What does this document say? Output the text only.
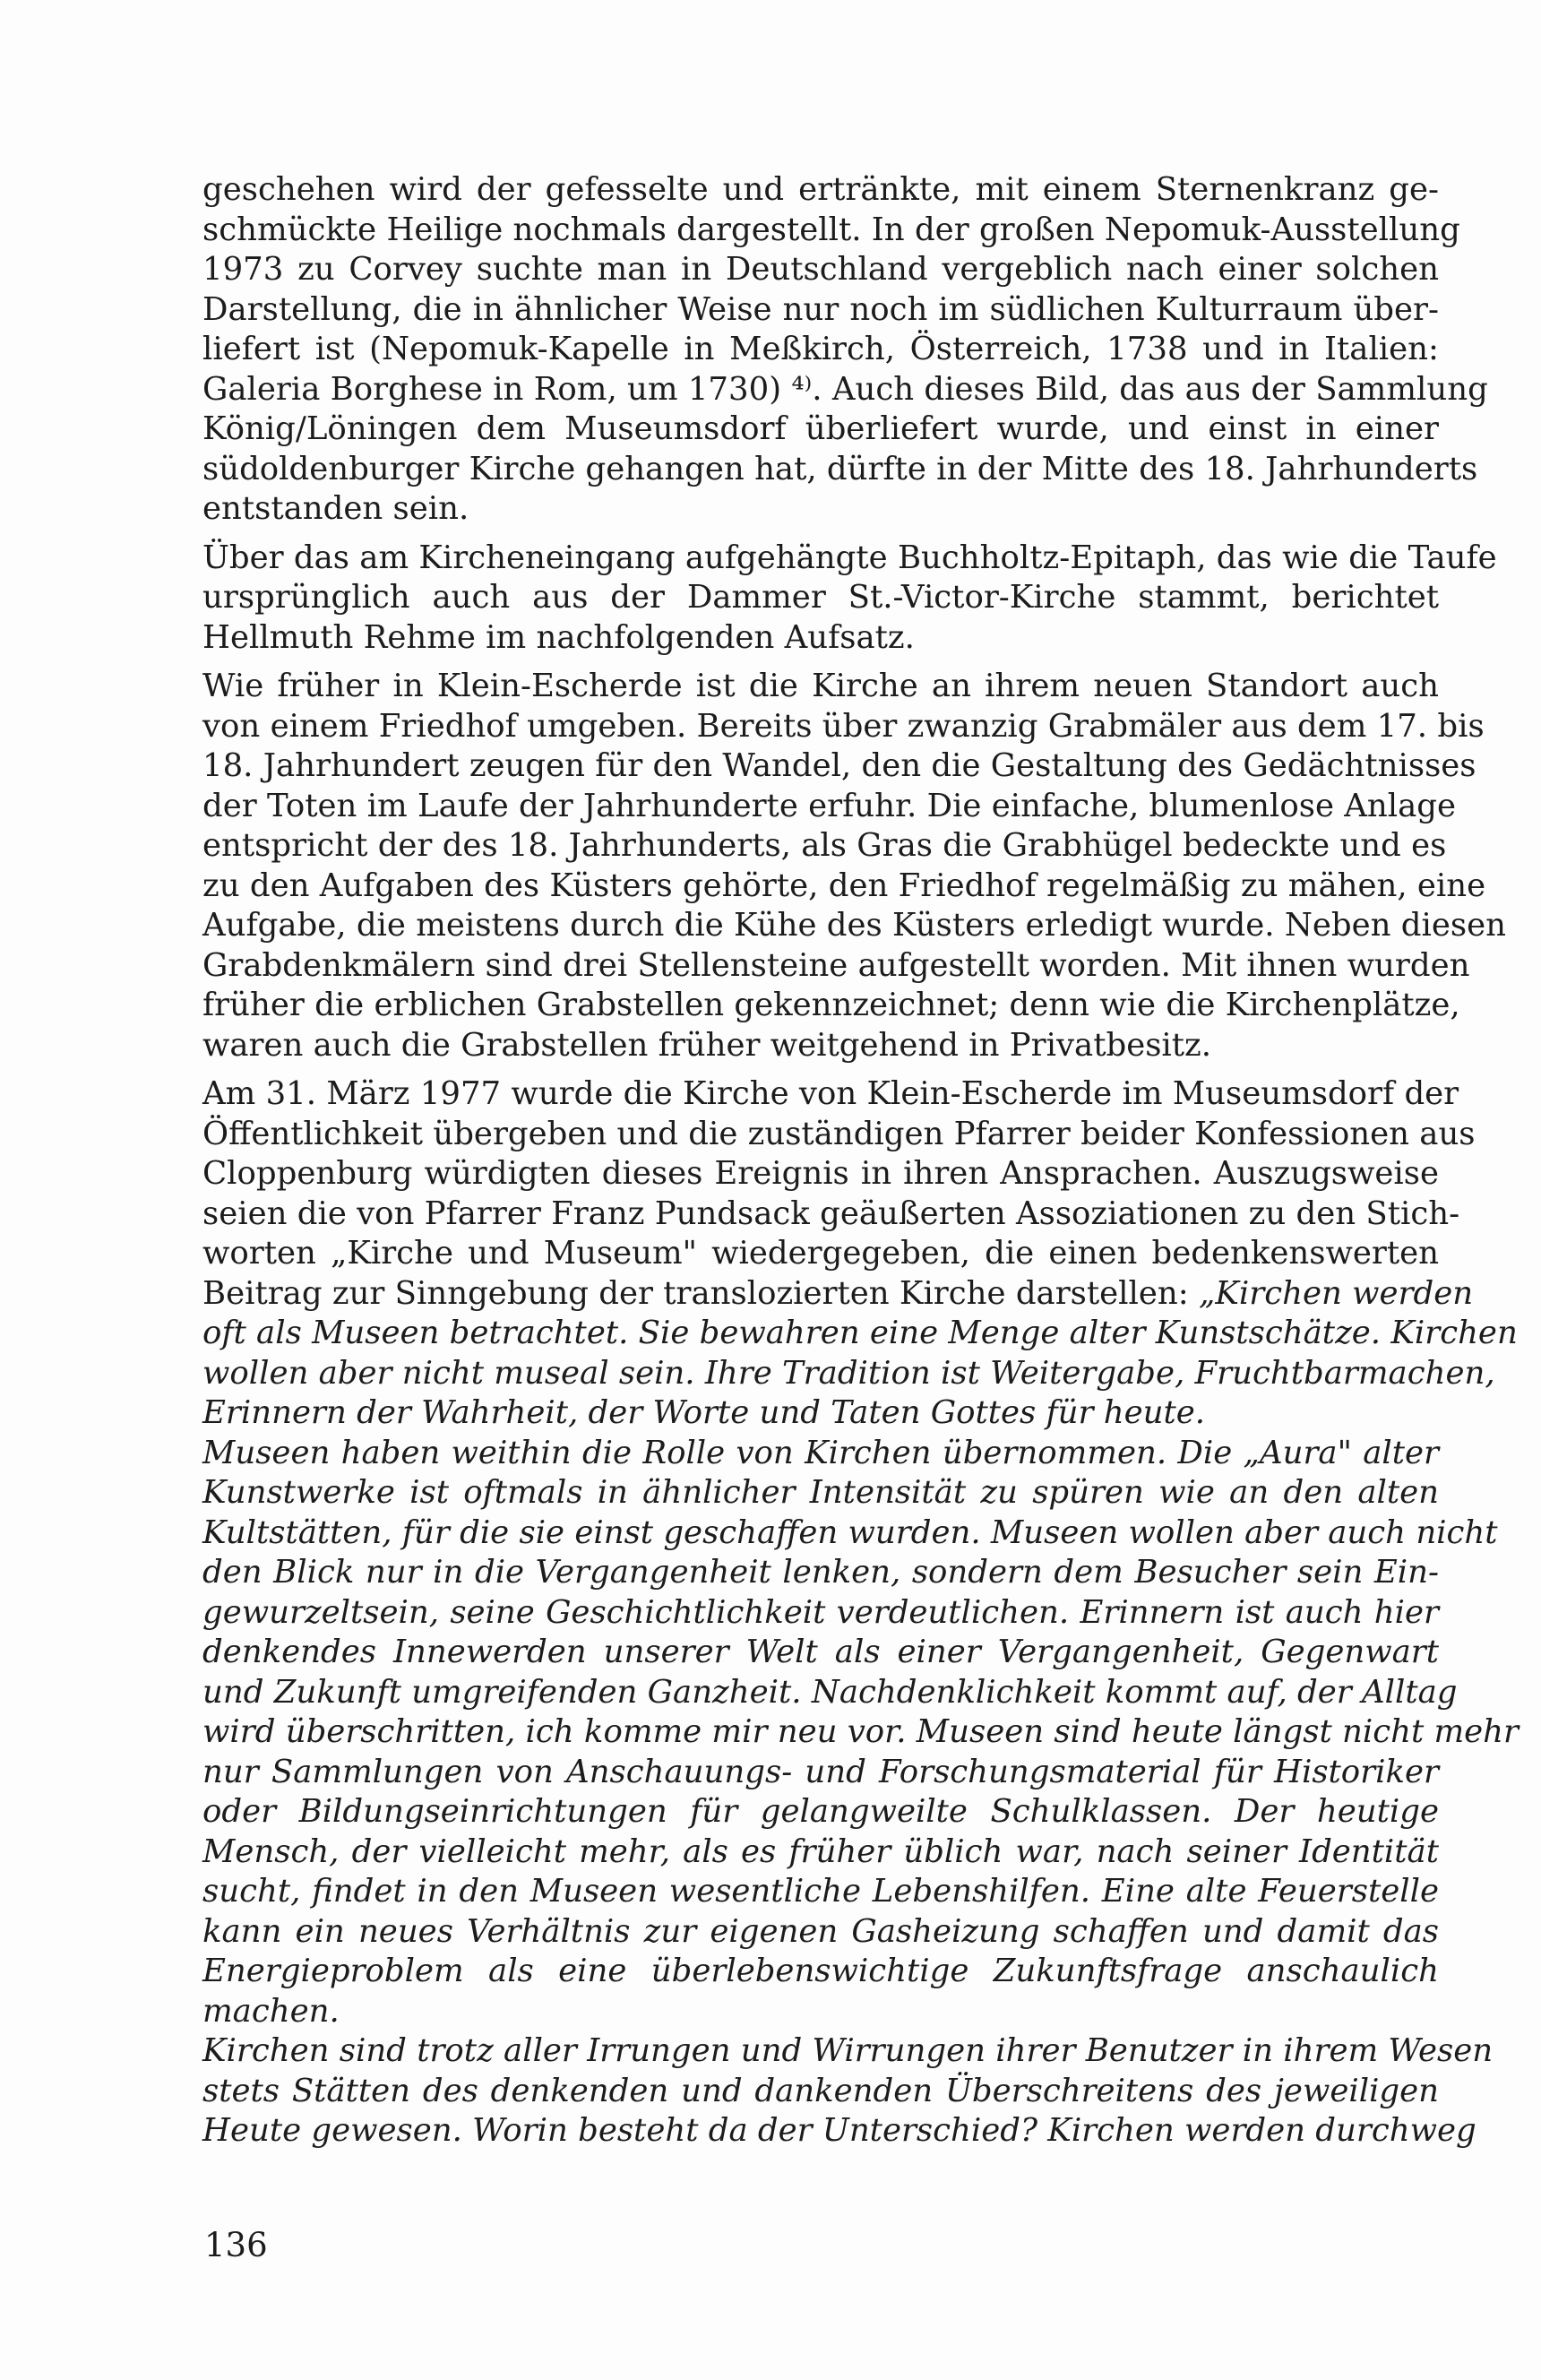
geschehen wird der gefesselte und ertränkte, mit einem Sternenkranz ge-
schmückte Heilige nochmals dargestellt. In der großen Nepomuk-Ausstellung
1973 zu Corvey suchte man in Deutschland vergeblich nach einer solchen
Darstellung, die in ähnlicher Weise nur noch im südlichen Kulturraum über-
liefert ist (Nepomuk-Kapelle in Meßkirch, Österreich, 1738 und in Italien:
Galeria Borghese in Rom, um 1730) ⁴⁾. Auch dieses Bild, das aus der Sammlung
König/Löningen dem Museumsdorf überliefert wurde, und einst in einer
südoldenburger Kirche gehangen hat, dürfte in der Mitte des 18. Jahrhunderts
entstanden sein.

Über das am Kircheneingang aufgehängte Buchholtz-Epitaph, das wie die Taufe
ursprünglich auch aus der Dammer St.-Victor-Kirche stammt, berichtet
Hellmuth Rehme im nachfolgenden Aufsatz.

Wie früher in Klein-Escherde ist die Kirche an ihrem neuen Standort auch
von einem Friedhof umgeben. Bereits über zwanzig Grabmäler aus dem 17. bis
18. Jahrhundert zeugen für den Wandel, den die Gestaltung des Gedächtnisses
der Toten im Laufe der Jahrhunderte erfuhr. Die einfache, blumenlose Anlage
entspricht der des 18. Jahrhunderts, als Gras die Grabhügel bedeckte und es
zu den Aufgaben des Küsters gehörte, den Friedhof regelmäßig zu mähen, eine
Aufgabe, die meistens durch die Kühe des Küsters erledigt wurde. Neben diesen
Grabdenkmälern sind drei Stellensteine aufgestellt worden. Mit ihnen wurden
früher die erblichen Grabstellen gekennzeichnet; denn wie die Kirchenplätze,
waren auch die Grabstellen früher weitgehend in Privatbesitz.

Am 31. März 1977 wurde die Kirche von Klein-Escherde im Museumsdorf der
Öffentlichkeit übergeben und die zuständigen Pfarrer beider Konfessionen aus
Cloppenburg würdigten dieses Ereignis in ihren Ansprachen. Auszugsweise
seien die von Pfarrer Franz Pundsack geäußerten Assoziationen zu den Stich-
worten „Kirche und Museum" wiedergegeben, die einen bedenkenswerten
Beitrag zur Sinngebung der translozierten Kirche darstellen: „Kirchen werden
oft als Museen betrachtet. Sie bewahren eine Menge alter Kunstschätze. Kirchen
wollen aber nicht museal sein. Ihre Tradition ist Weitergabe, Fruchtbarmachen,
Erinnern der Wahrheit, der Worte und Taten Gottes für heute.

Museen haben weithin die Rolle von Kirchen übernommen. Die „Aura" alter
Kunstwerke ist oftmals in ähnlicher Intensität zu spüren wie an den alten
Kultstätten, für die sie einst geschaffen wurden. Museen wollen aber auch nicht
den Blick nur in die Vergangenheit lenken, sondern dem Besucher sein Ein-
gewurzeltsein, seine Geschichtlichkeit verdeutlichen. Erinnern ist auch hier
denkendes Innewerden unserer Welt als einer Vergangenheit, Gegenwart
und Zukunft umgreifenden Ganzheit. Nachdenklichkeit kommt auf, der Alltag
wird überschritten, ich komme mir neu vor. Museen sind heute längst nicht mehr
nur Sammlungen von Anschauungs- und Forschungsmaterial für Historiker
oder Bildungseinrichtungen für gelangweilte Schulklassen. Der heutige
Mensch, der vielleicht mehr, als es früher üblich war, nach seiner Identität
sucht, findet in den Museen wesentliche Lebenshilfen. Eine alte Feuerstelle
kann ein neues Verhältnis zur eigenen Gasheizung schaffen und damit das
Energieproblem als eine überlebenswichtige Zukunftsfrage anschaulich
machen.

Kirchen sind trotz aller Irrungen und Wirrungen ihrer Benutzer in ihrem Wesen
stets Stätten des denkenden und dankenden Überschreitens des jeweiligen
Heute gewesen. Worin besteht da der Unterschied? Kirchen werden durchweg

136
